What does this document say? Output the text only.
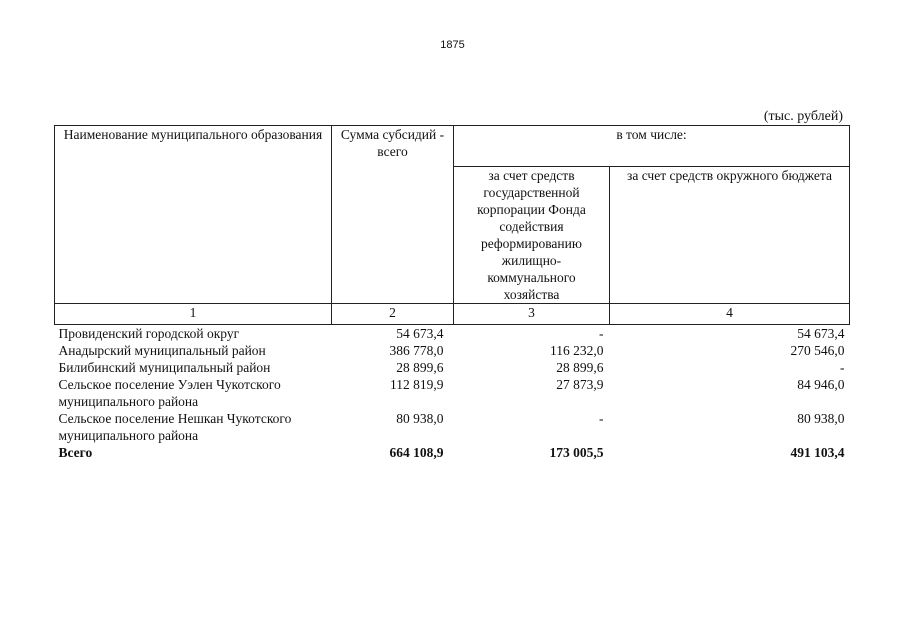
1875
(тыс. рублей)
Наименование муниципального образования	Сумма субсидий - всего	в том числе:	
		за счет средств государственной корпорации Фонда содействия реформированию жилищно-коммунального хозяйства	за счет средств окружного бюджета
1	2	3	4
Провиденский городской округ	54 673,4	-	54 673,4
Анадырский муниципальный район	386 778,0	116 232,0	270 546,0
Билибинский муниципальный район	28 899,6	28 899,6	-
Сельское поселение Уэлен Чукотского муниципального района	112 819,9	27 873,9	84 946,0
Сельское поселение Нешкан Чукотского муниципального района	80 938,0	-	80 938,0
Всего	664 108,9	173 005,5	491 103,4
